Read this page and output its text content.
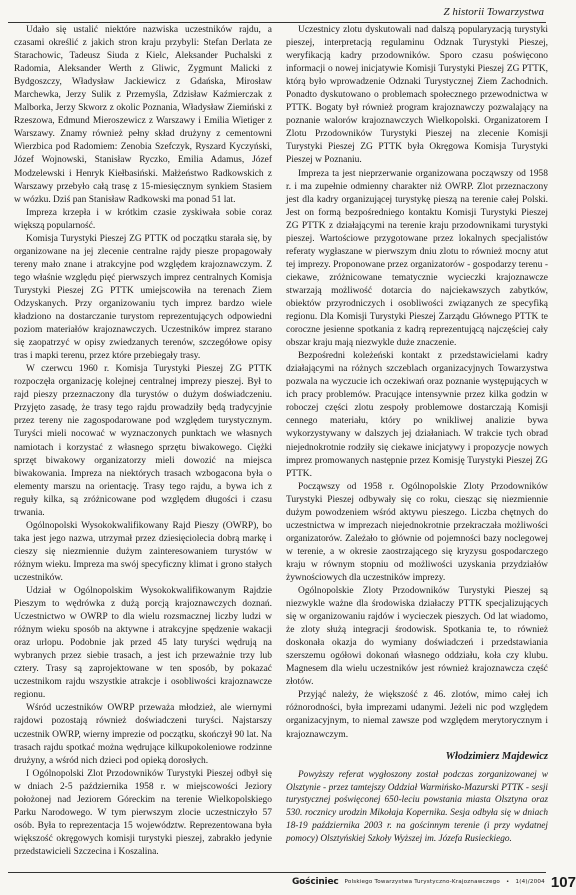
Z historii Towarzystwa

Udało się ustalić niektóre nazwiska uczestników rajdu, a czasami określić z jakich stron kraju przybyli: Stefan Derlata ze Starachowic, Tadeusz Siuda z Kielc, Aleksander Puchalski z Radomia, Aleksander Werth z Gliwic, Zygmunt Malicki z Bydgoszczy, Władysław Jackiewicz z Gdańska, Mirosław Marchewka, Jerzy Sulik z Przemyśla, Zdzisław Kaźmierczak z Malborka, Jerzy Skworz z okolic Poznania, Władysław Ziemiński z Rzeszowa, Edmund Mieroszewicz z Warszawy i Emilia Wietiger z Warszawy. Znamy również pełny skład drużyny z cementowni Wierzbica pod Radomiem: Zenobia Szefczyk, Ryszard Kyczyński, Józef Wojnowski, Stanisław Ryczko, Emilia Adamus, Józef Modzelewski i Henryk Kiełbasiński. Małżeństwo Radkowskich z Warszawy przebyło całą trasę z 15-miesięcznym synkiem Stasiem w wózku. Dziś pan Stanisław Radkowski ma ponad 51 lat.

Impreza krzepła i w krótkim czasie zyskiwała sobie coraz większą popularność.

Komisja Turystyki Pieszej ZG PTTK od początku starała się, by organizowane na jej zlecenie centralne rajdy piesze propagowały tereny mało znane i atrakcyjne pod względem krajoznawczym. Z tego właśnie względu pięć pierwszych imprez centralnych Komisja Turystyki Pieszej ZG PTTK umiejscowiła na terenach Ziem Odzyskanych. Przy organizowaniu tych imprez bardzo wiele kładziono na dostarczanie turystom reprezentujących odpowiedni poziom materiałów krajoznawczych. Uczestników imprez starano się zaopatrzyć w opisy zwiedzanych terenów, szczegółowe opisy tras i mapki terenu, przez które przebiegały trasy.

W czerwcu 1960 r. Komisja Turystyki Pieszej ZG PTTK rozpoczęła organizację kolejnej centralnej imprezy pieszej. Był to rajd pieszy przeznaczony dla turystów o dużym doświadczeniu. Przyjęto zasadę, że trasy tego rajdu prowadziły będą tradycyjnie przez tereny nie zagospodarowane pod względem turystycznym. Turyści mieli nocować w wyznaczonych punktach we własnych namiotach i korzystać z własnego sprzętu biwakowego. Ciężki sprzęt biwakowy organizatorzy mieli dowozić na miejsca biwakowania. Impreza na niektórych trasach wzbogacona była o elementy marszu na orientację. Trasy tego rajdu, a bywa ich z reguły kilka, są zróżnicowane pod względem długości i czasu trwania.

Ogólnopolski Wysokokwalifikowany Rajd Pieszy (OWRP), bo taka jest jego nazwa, utrzymał przez dziesięciolecia dobrą markę i cieszy się niezmiennie dużym zainteresowaniem turystów w różnym wieku. Impreza ma swój specyficzny klimat i grono stałych uczestników.

Udział w Ogólnopolskim Wysokokwalifikowanym Rajdzie Pieszym to wędrówka z dużą porcją krajoznawczych doznań. Uczestnictwo w OWRP to dla wielu rozsmacznej liczby ludzi w różnym wieku sposób na aktywne i atrakcyjne spędzenie wakacji oraz urlopu. Podobnie jak przed 45 laty turyści wędrują na wybranych przez siebie trasach, a jest ich przeważnie trzy lub cztery. Trasy są zaprojektowane w ten sposób, by pokazać uczestnikom rajdu wszystkie atrakcje i osobliwości krajoznawcze regionu.

Wśród uczestników OWRP przeważa młodzież, ale wiernymi rajdowi pozostają również doświadczeni turyści. Najstarszy uczestnik OWRP, wierny imprezie od początku, skończył 90 lat. Na trasach rajdu spotkać można wędrujące kilkupokoleniowe rodzinne drużyny, a wśród nich dzieci pod opieką dorosłych.

I Ogólnopolski Zlot Przodowników Turystyki Pieszej odbył się w dniach 2-5 października 1958 r. w miejscowości Jeziory położonej nad Jeziorem Góreckim na terenie Wielkopolskiego Parku Narodowego. W tym pierwszym zlocie uczestniczyło 57 osób. Była to reprezentacja 15 województw. Reprezentowana była większość okręgowych komisji turystyki pieszej, zabrakło jedynie przedstawicieli Szczecina i Koszalina.

Uczestnicy zlotu dyskutowali nad dalszą popularyzacją turystyki pieszej, interpretacją regulaminu Odznak Turystyki Pieszej, weryfikacją kadry przodowników. Sporo czasu poświęcono informacji o nowej inicjatywie Komisji Turystyki Pieszej ZG PTTK, którą było wprowadzenie Odznaki Turystycznej Ziem Zachodnich. Ponadto dyskutowano o problemach społecznego przewodnictwa w PTTK. Bogaty był również program krajoznawczy pozwalający na poznanie walorów krajoznawczych Wielkopolski. Organizatorem I Zlotu Przodowników Turystyki Pieszej na zlecenie Komisji Turystyki Pieszej ZG PTTK była Okręgowa Komisja Turystyki Pieszej w Poznaniu.

Impreza ta jest nieprzerwanie organizowana począwszy od 1958 r. i ma zupełnie odmienny charakter niż OWRP. Zlot przeznaczony jest dla kadry organizującej turystykę pieszą na terenie całej Polski. Jest on formą bezpośredniego kontaktu Komisji Turystyki Pieszej ZG PTTK z działającymi na terenie kraju przodownikami turystyki pieszej. Wartościowe przygotowane przez lokalnych specjalistów referaty wygłaszane w pierwszym dniu zlotu to również mocny atut tej imprezy. Proponowane przez organizatorów - gospodarzy terenu - ciekawe, zróżnicowane tematycznie wycieczki krajoznawcze stwarzają możliwość dotarcia do najciekawszych zabytków, obiektów przyrodniczych i osobliwości związanych ze specyfiką regionu. Dla Komisji Turystyki Pieszej Zarządu Głównego PTTK te coroczne jesienne spotkania z kadrą reprezentującą najczęściej cały obszar kraju mają niezwykle duże znaczenie.

Bezpośredni koleżeński kontakt z przedstawicielami kadry działającymi na różnych szczeblach organizacyjnych Towarzystwa pozwala na wyczucie ich oczekiwań oraz poznanie występujących w ich pracy problemów. Pracujące intensywnie przez kilka godzin w roboczej części zlotu zespoły problemowe dostarczają Komisji cennego materiału, który po wnikliwej analizie bywa wykorzystywany w dalszych jej działaniach. W trakcie tych obrad niejednokrotnie rodziły się ciekawe inicjatywy i propozycje nowych imprez promowanych następnie przez Komisję Turystyki Pieszej ZG PTTK.

Począwszy od 1958 r. Ogólnopolskie Zloty Przodowników Turystyki Pieszej odbywały się co roku, ciesząc się niezmiennie dużym powodzeniem wśród aktywu pieszego. Liczba chętnych do uczestnictwa w imprezach niejednokrotnie przekraczała możliwości organizatorów. Zależało to głównie od pojemności bazy noclegowej w terenie, a w okresie zaostrzającego się kryzysu gospodarczego kraju w równym stopniu od możliwości uzyskania przydziałów żywnościowych dla uczestników imprezy.

Ogólnopolskie Zloty Przodowników Turystyki Pieszej są niezwykle ważne dla środowiska działaczy PTTK specjalizujących się w organizowaniu rajdów i wycieczek pieszych. Od lat wiadomo, że zloty służą integracji środowisk. Spotkania te, to również doskonała okazja do wymiany doświadczeń i przedstawiania szerszemu ogółowi dokonań własnego oddziału, koła czy klubu. Magnesem dla wielu uczestników jest również krajoznawcza część złotów.

Przyjąć należy, że większość z 46. zlotów, mimo całej ich różnorodności, była imprezami udanymi. Jeżeli nic pod względem organizacyjnym, to niemal zawsze pod względem merytorycznym i krajoznawczym.

Włodzimierz Majdewicz

Powyższy referat wygłoszony został podczas zorganizowanej w Olsztynie - przez tamtejszy Oddział Warmińsko-Mazurski PTTK - sesji turystycznej poświęconej 650-leciu powstania miasta Olsztyna oraz 530. rocznicy urodzin Mikołaja Kopernika. Sesja odbyła się w dniach 18-19 października 2003 r. na gościnnym terenie (i przy wydatnej pomocy) Olsztyńskiej Szkoły Wyższej im. Józefa Rusieckiego.

Gościniec Polskiego Towarzystwa Turystyczno-Krajoznawczego • 1(4)/2004 107
